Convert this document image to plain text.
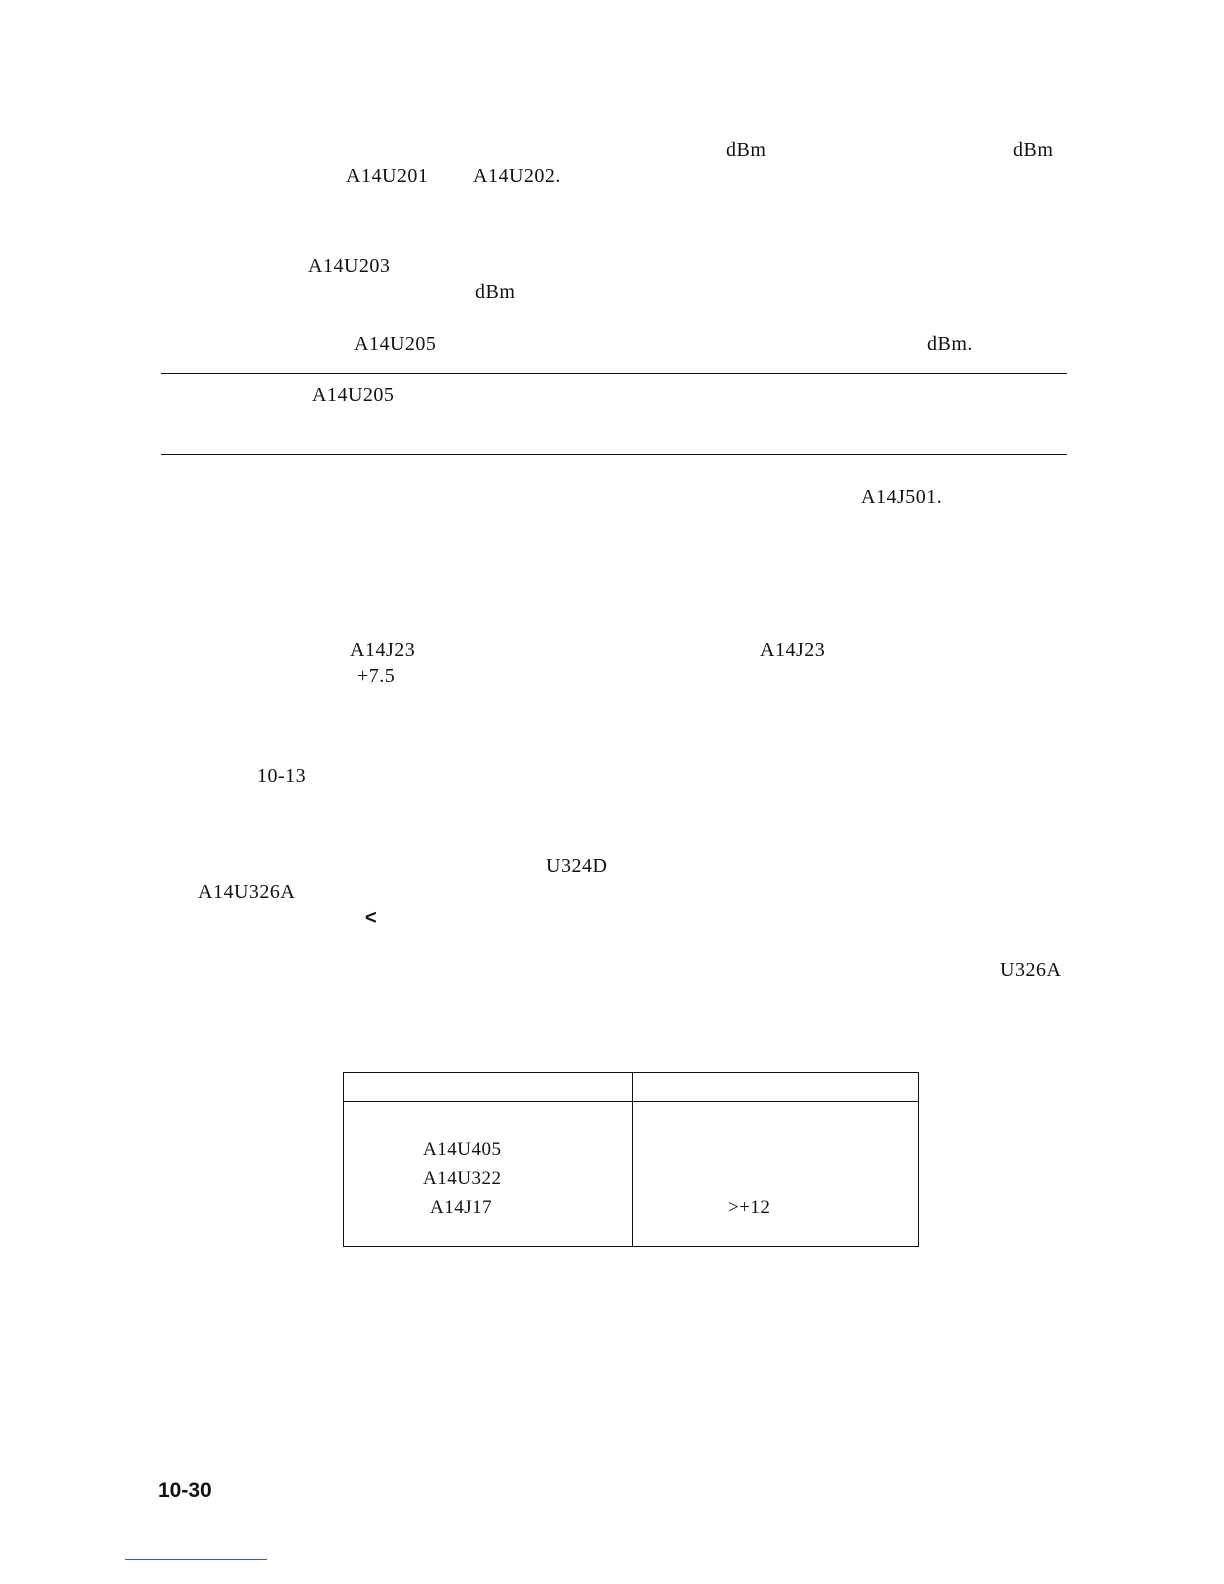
dBm	dBm
A14U201 A14U202.
A14U203
dBm
A14U205	dBm.
A14U205
A14J501.
A14J23	A14J23
+7.5
10-13
U324D
A14U326A
<
U326A
A14U405
A14U322
A14J17	>+12
10-30
